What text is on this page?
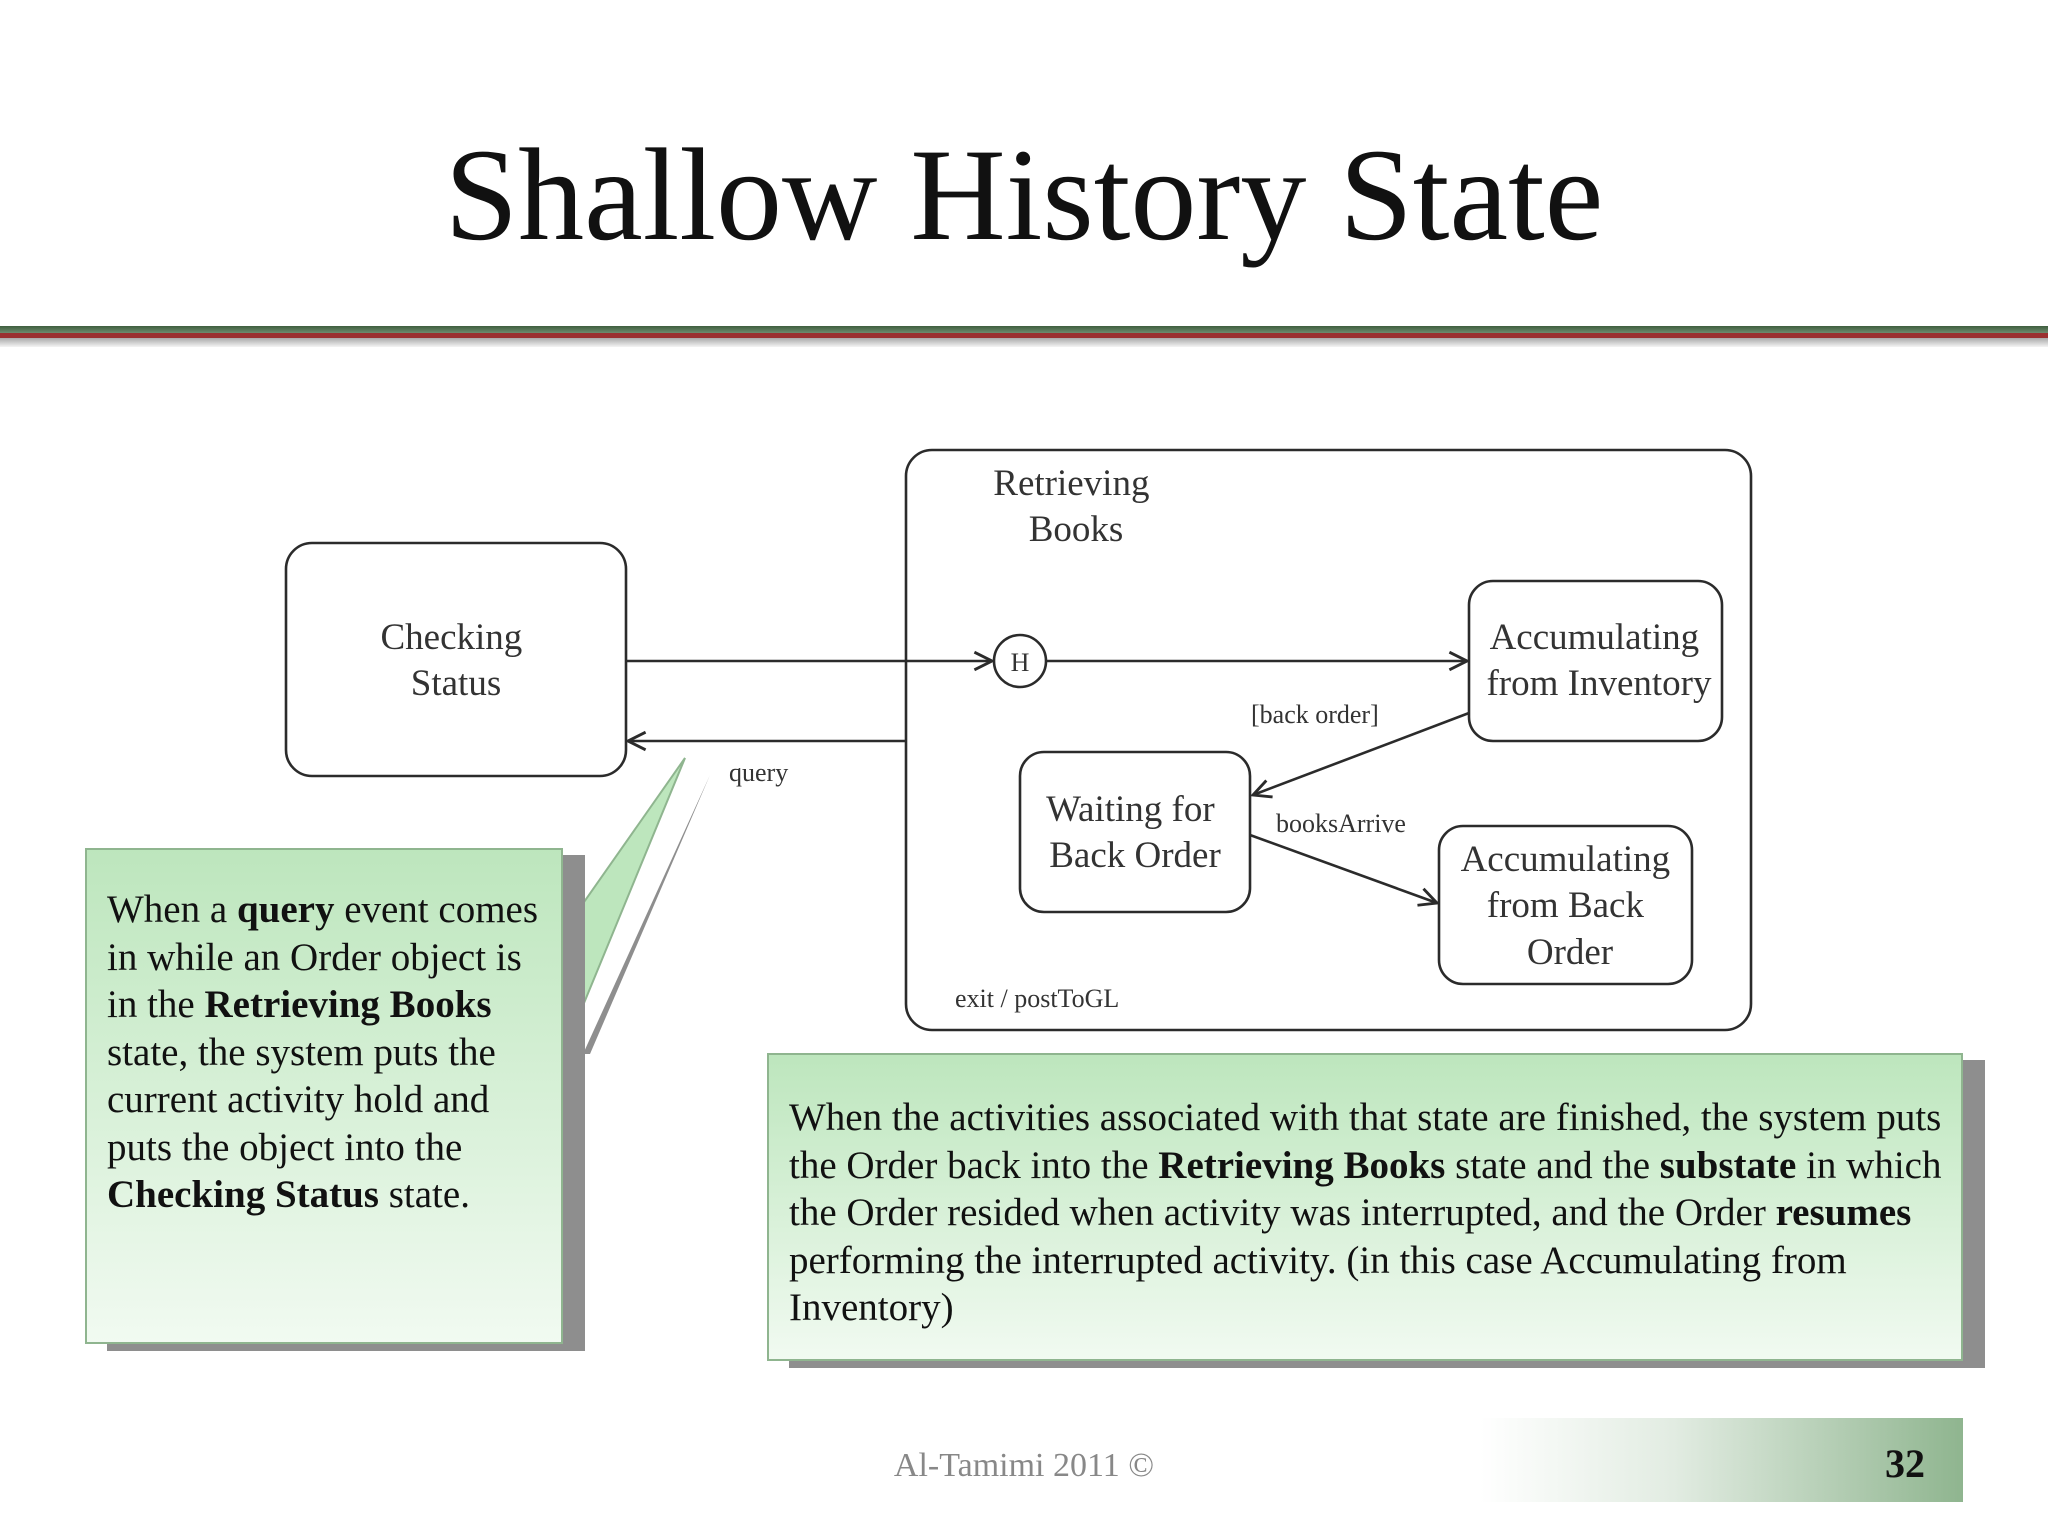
Shallow History State
Retrieving Books
Checking Status
H
Accumulating from Inventory
Waiting for Back Order	Accumulating from Back Order
[back order]
booksArrive
query
exit / postToGL
When a query event comes in while an Order object is in the Retrieving Books state, the system puts the current activity hold and puts the object into the Checking Status state.
When the activities associated with that state are finished, the system puts the Order back into the Retrieving Books state and the substate in which the Order resided when activity was interrupted, and the Order resumes performing the interrupted activity. (in this case Accumulating from Inventory)
Al-Tamimi 2011 ©	32
